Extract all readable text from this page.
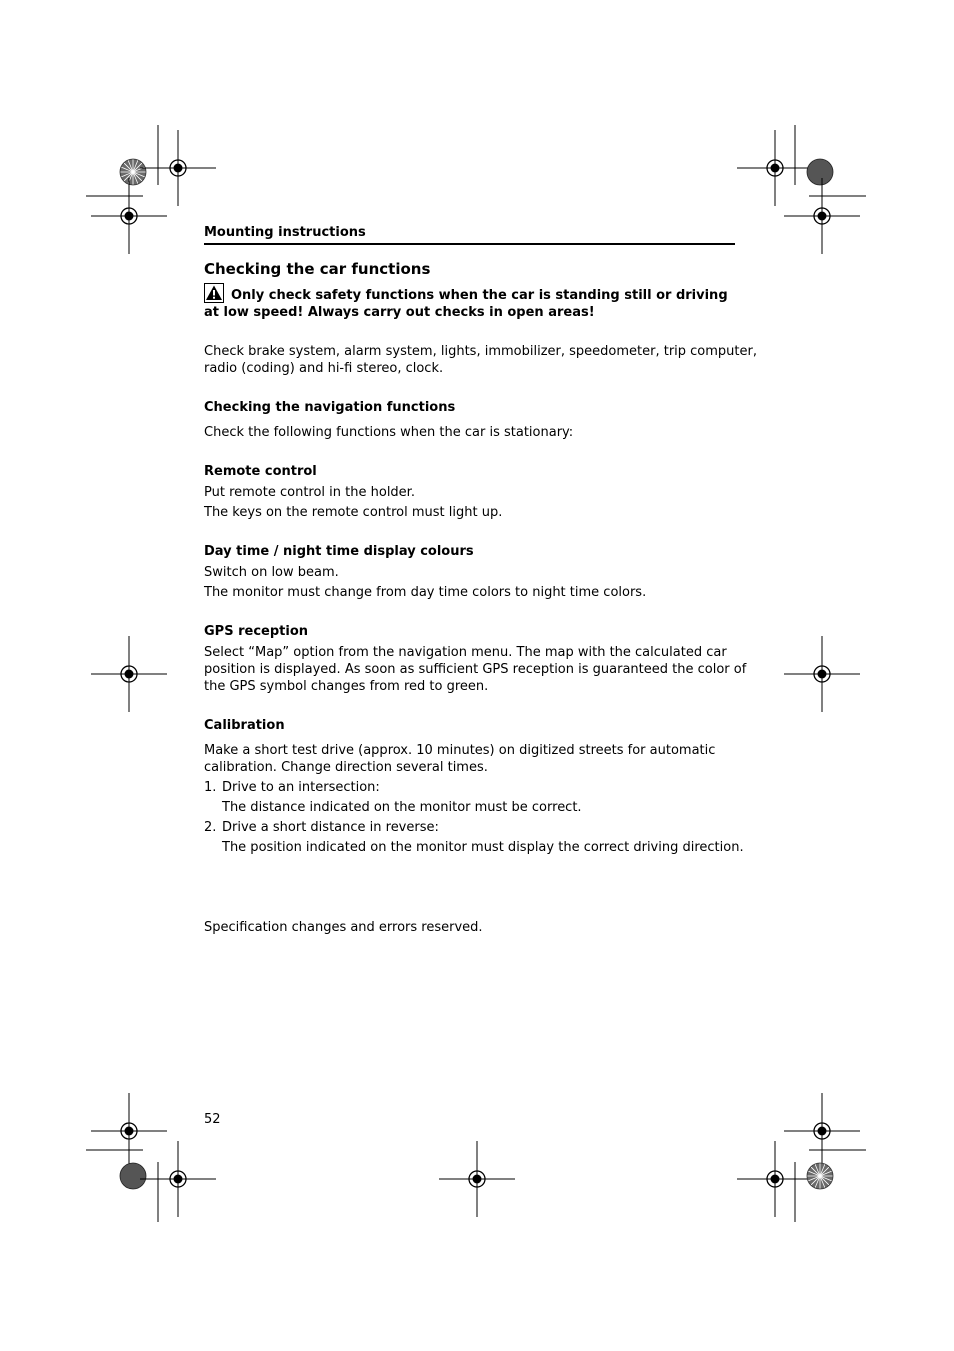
Mounting instructions
Checking the car functions
Only check safety functions when the car is standing still or driving
at low speed! Always carry out checks in open areas!
Check brake system, alarm system, lights, immobilizer, speedometer, trip computer,
radio (coding) and hi-fi stereo, clock.
Checking the navigation functions
Check the following functions when the car is stationary:
Remote control
Put remote control in the holder.
The keys on the remote control must light up.
Day time / night time display colours
Switch on low beam.
The monitor must change from day time colors to night time colors.
GPS reception
Select “Map” option from the navigation menu. The map with the calculated car
position is displayed. As soon as sufficient GPS reception is guaranteed the color of
the GPS symbol changes from red to green.
Calibration
Make a short test drive (approx. 10 minutes) on digitized streets for automatic
calibration. Change direction several times.
1. Drive to an intersection:
The distance indicated on the monitor must be correct.
2. Drive a short distance in reverse:
The position indicated on the monitor must display the correct driving direction.
Specification changes and errors reserved.
52
